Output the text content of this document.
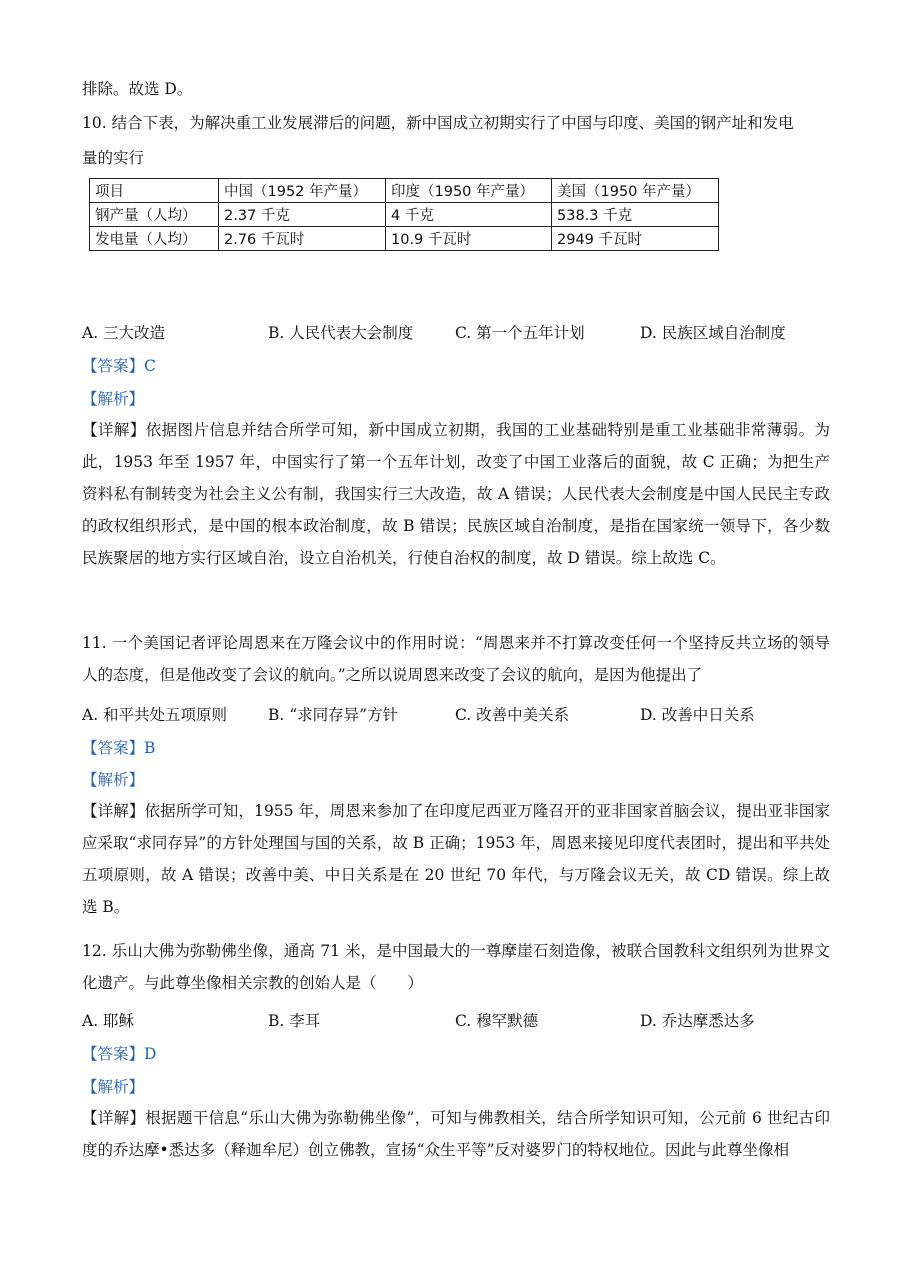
排除。故选 D。
10. 结合下表，为解决重工业发展滞后的问题，新中国成立初期实行了中国与印度、美国的钢产址和发电
量的实行
项目	中国（1952 年产量）	印度（1950 年产量）	美国（1950 年产量）
钢产量（人均）	2.37 千克	4 千克	538.3 千克
发电量（人均）	2.76 千瓦时	10.9 千瓦时	2949 千瓦时
A. 三大改造	B. 人民代表大会制度	C. 第一个五年计划	D. 民族区域自治制度
【答案】C
【解析】
【详解】依据图片信息并结合所学可知，新中国成立初期，我国的工业基础特别是重工业基础非常薄弱。为此，1953 年至 1957 年，中国实行了第一个五年计划，改变了中国工业落后的面貌，故 C 正确；为把生产资料私有制转变为社会主义公有制，我国实行三大改造，故 A 错误；人民代表大会制度是中国人民民主专政的政权组织形式，是中国的根本政治制度，故 B 错误；民族区域自治制度，是指在国家统一领导下，各少数民族聚居的地方实行区域自治，设立自治机关，行使自治权的制度，故 D 错误。综上故选 C。
11. 一个美国记者评论周恩来在万隆会议中的作用时说：“周恩来并不打算改变任何一个坚持反共立场的领导人的态度，但是他改变了会议的航向。”之所以说周恩来改变了会议的航向，是因为他提出了
A. 和平共处五项原则	B. “求同存异”方针	C. 改善中美关系	D. 改善中日关系
【答案】B
【解析】
【详解】依据所学可知，1955 年，周恩来参加了在印度尼西亚万隆召开的亚非国家首脑会议，提出亚非国家应采取“求同存异”的方针处理国与国的关系，故 B 正确；1953 年，周恩来接见印度代表团时，提出和平共处五项原则，故 A 错误；改善中美、中日关系是在 20 世纪 70 年代，与万隆会议无关，故 CD 错误。综上故选 B。
12. 乐山大佛为弥勒佛坐像，通高 71 米，是中国最大的一尊摩崖石刻造像，被联合国教科文组织列为世界文化遗产。与此尊坐像相关宗教的创始人是（　　）
A. 耶稣	B. 李耳	C. 穆罕默德	D. 乔达摩悉达多
【答案】D
【解析】
【详解】根据题干信息“乐山大佛为弥勒佛坐像”，可知与佛教相关，结合所学知识可知，公元前 6 世纪古印度的乔达摩•悉达多（释迦牟尼）创立佛教，宣扬“众生平等”反对婆罗门的特权地位。因此与此尊坐像相
